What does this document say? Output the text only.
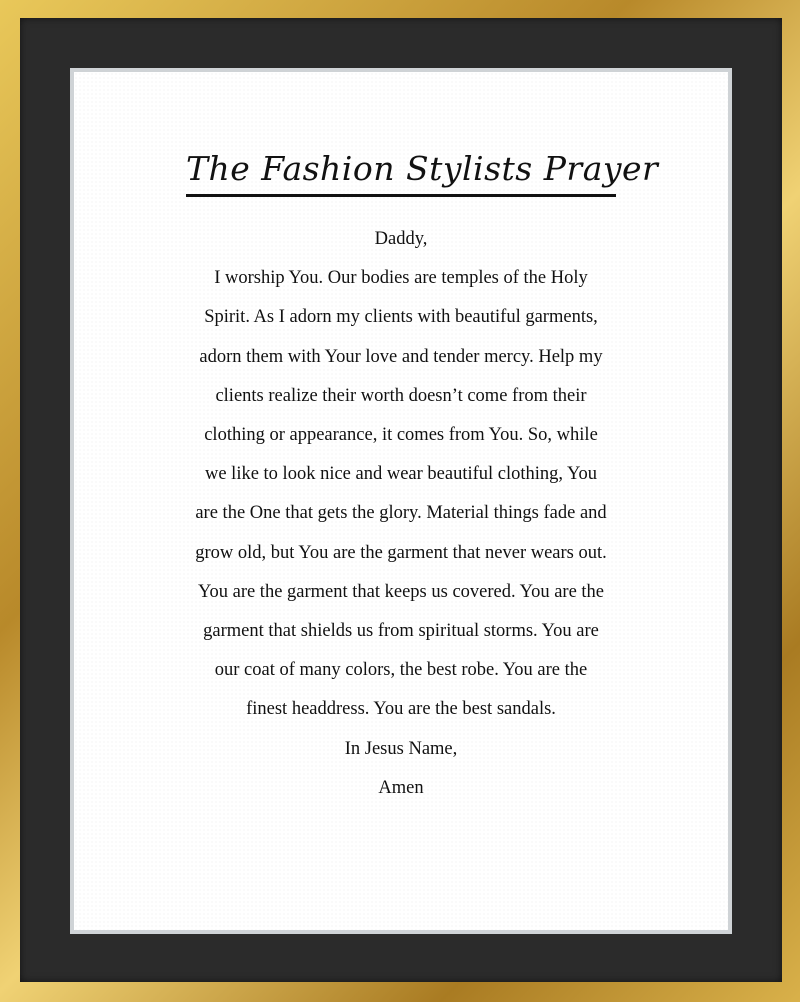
The Fashion Stylists Prayer

Daddy,

I worship You. Our bodies are temples of the Holy

Spirit. As I adorn my clients with beautiful garments,

adorn them with Your love and tender mercy. Help my

clients realize their worth doesn’t come from their

clothing or appearance, it comes from You. So, while

we like to look nice and wear beautiful clothing, You

are the One that gets the glory. Material things fade and

grow old, but You are the garment that never wears out.

You are the garment that keeps us covered. You are the

garment that shields us from spiritual storms. You are

our coat of many colors, the best robe. You are the

finest headdress. You are the best sandals.

In Jesus Name,

Amen
